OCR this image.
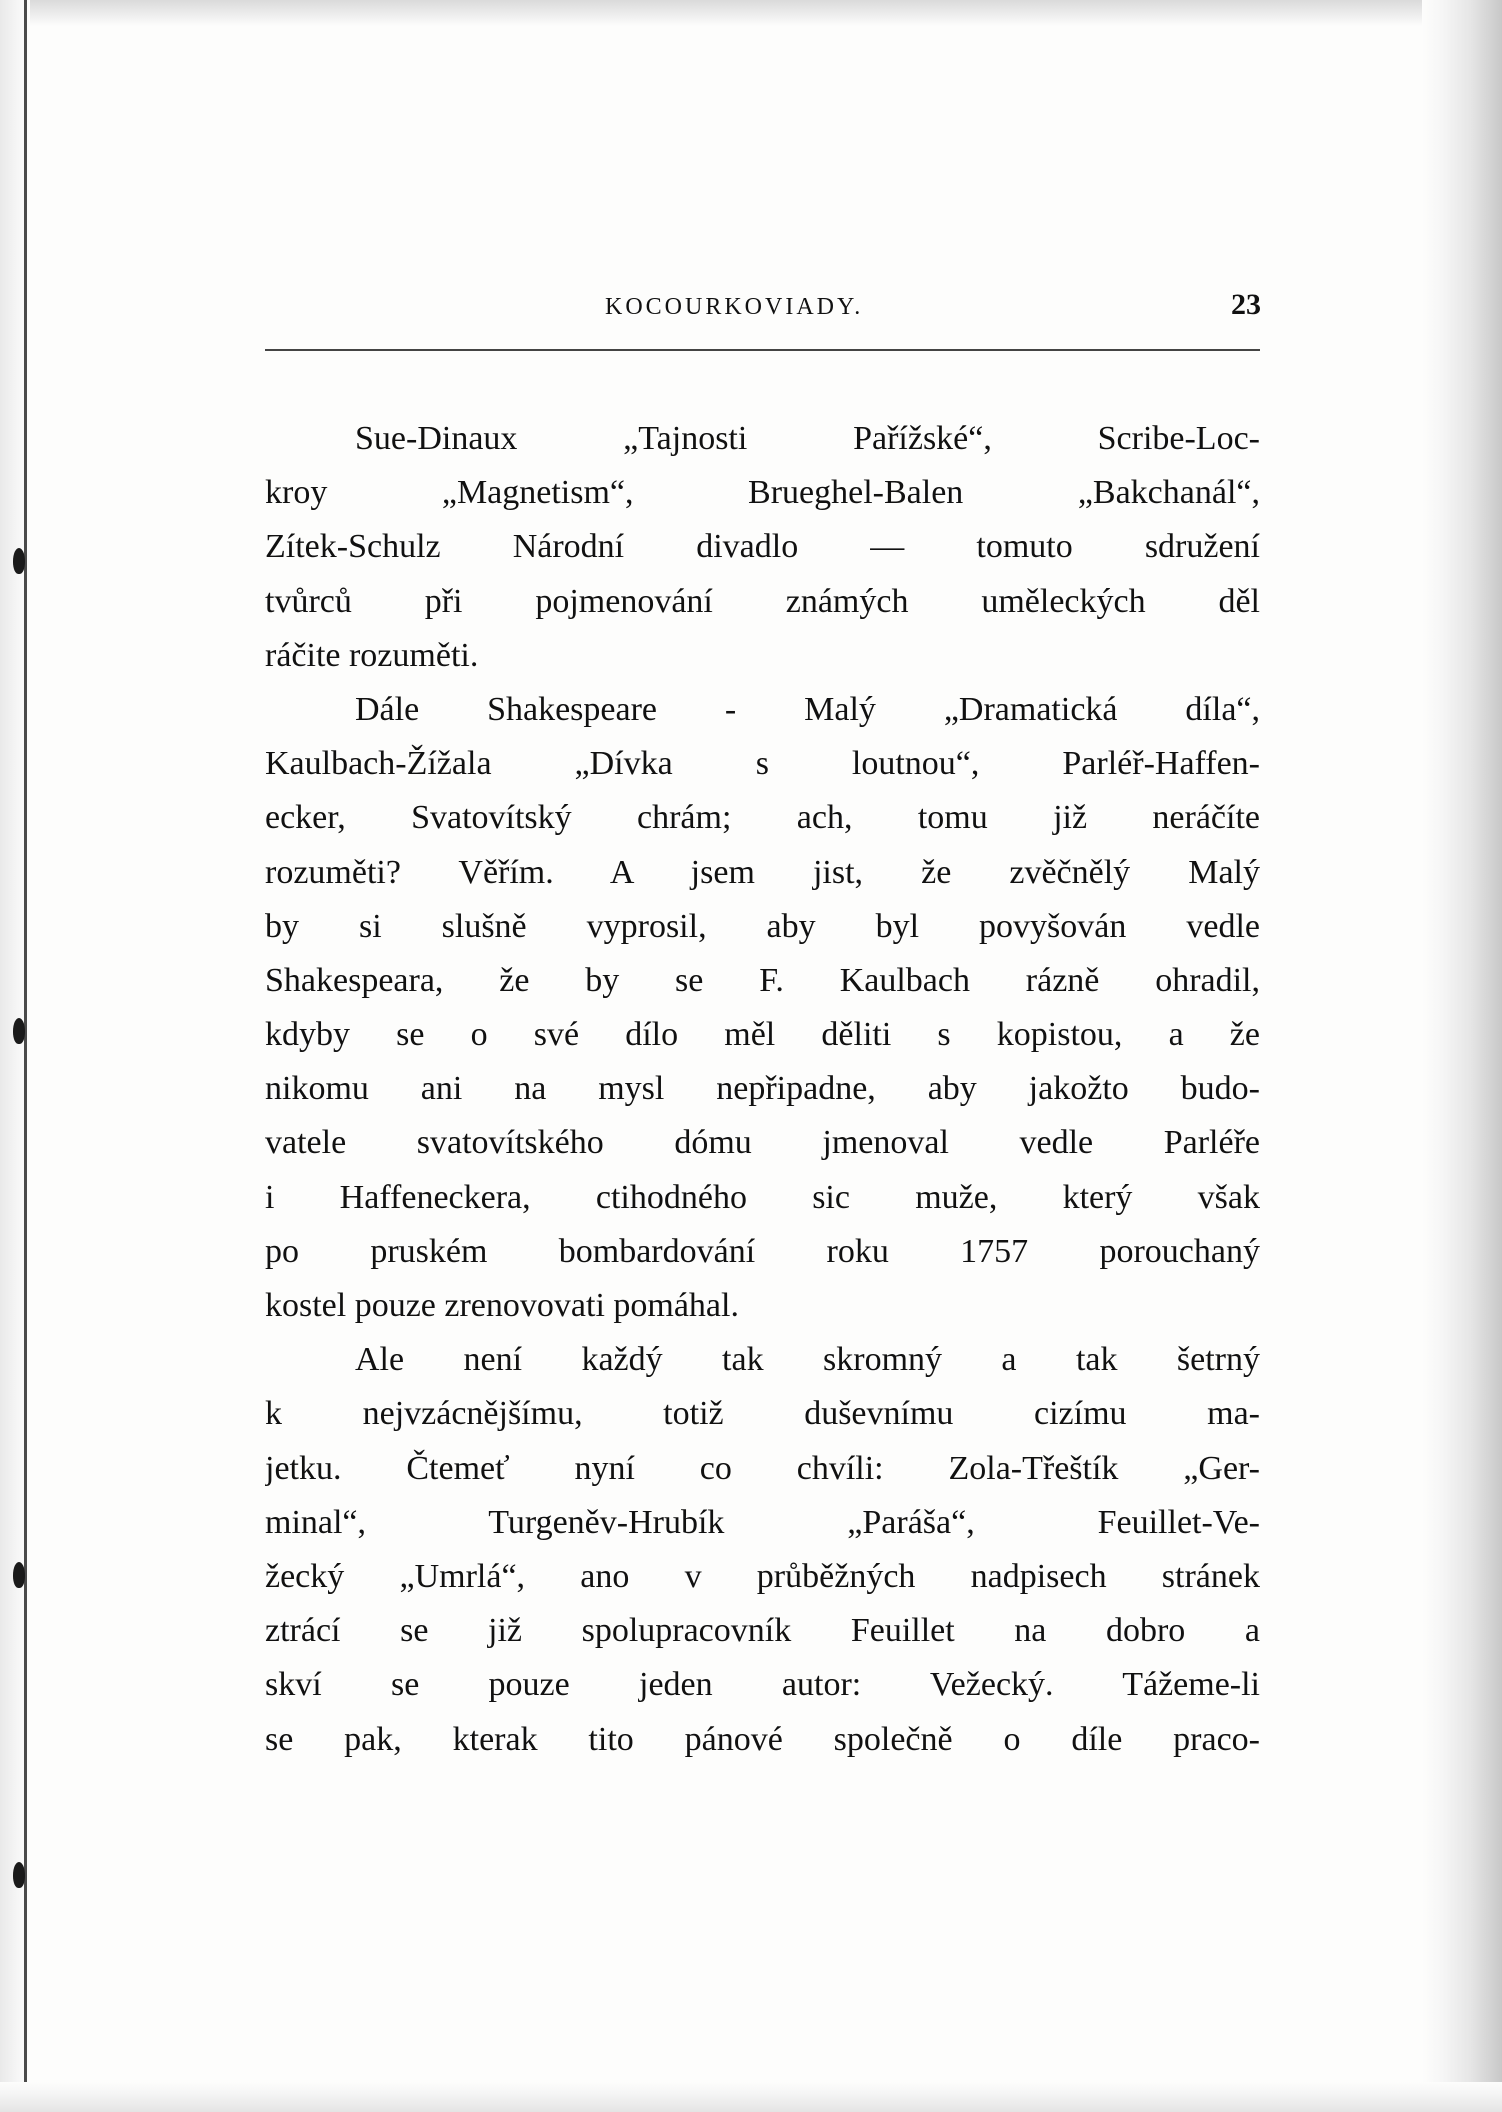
KOCOURKOVIADY.	23
Sue-Dinaux „Tajnosti Pařížské“, Scribe-Loc-
kroy „Magnetism“, Brueghel-Balen „Bakchanál“,
Zítek-Schulz Národní divadlo — tomuto sdružení
tvůrců při pojmenování známých uměleckých děl
ráčite rozuměti.
Dále Shakespeare - Malý „Dramatická díla“,
Kaulbach-Žížala „Dívka s loutnou“, Parléř-Haffen-
ecker, Svatovítský chrám; ach, tomu již neráčíte
rozuměti? Věřím. A jsem jist, že zvěčnělý Malý
by si slušně vyprosil, aby byl povyšován vedle
Shakespeara, že by se F. Kaulbach rázně ohradil,
kdyby se o své dílo měl děliti s kopistou, a že
nikomu ani na mysl nepřipadne, aby jakožto budo-
vatele svatovítského dómu jmenoval vedle Parléře
i Haffeneckera, ctihodného sic muže, který však
po pruském bombardování roku 1757 porouchaný
kostel pouze zrenovovati pomáhal.
Ale není každý tak skromný a tak šetrný
k nejvzácnějšímu, totiž duševnímu cizímu ma-
jetku. Čtemeť nyní co chvíli: Zola-Třeštík „Ger-
minal“, Turgeněv-Hrubík „Paráša“, Feuillet-Ve-
žecký „Umrlá“, ano v průběžných nadpisech stránek
ztrácí se již spolupracovník Feuillet na dobro a
skví se pouze jeden autor: Vežecký. Tážeme-li
se pak, kterak tito pánové společně o díle praco-
